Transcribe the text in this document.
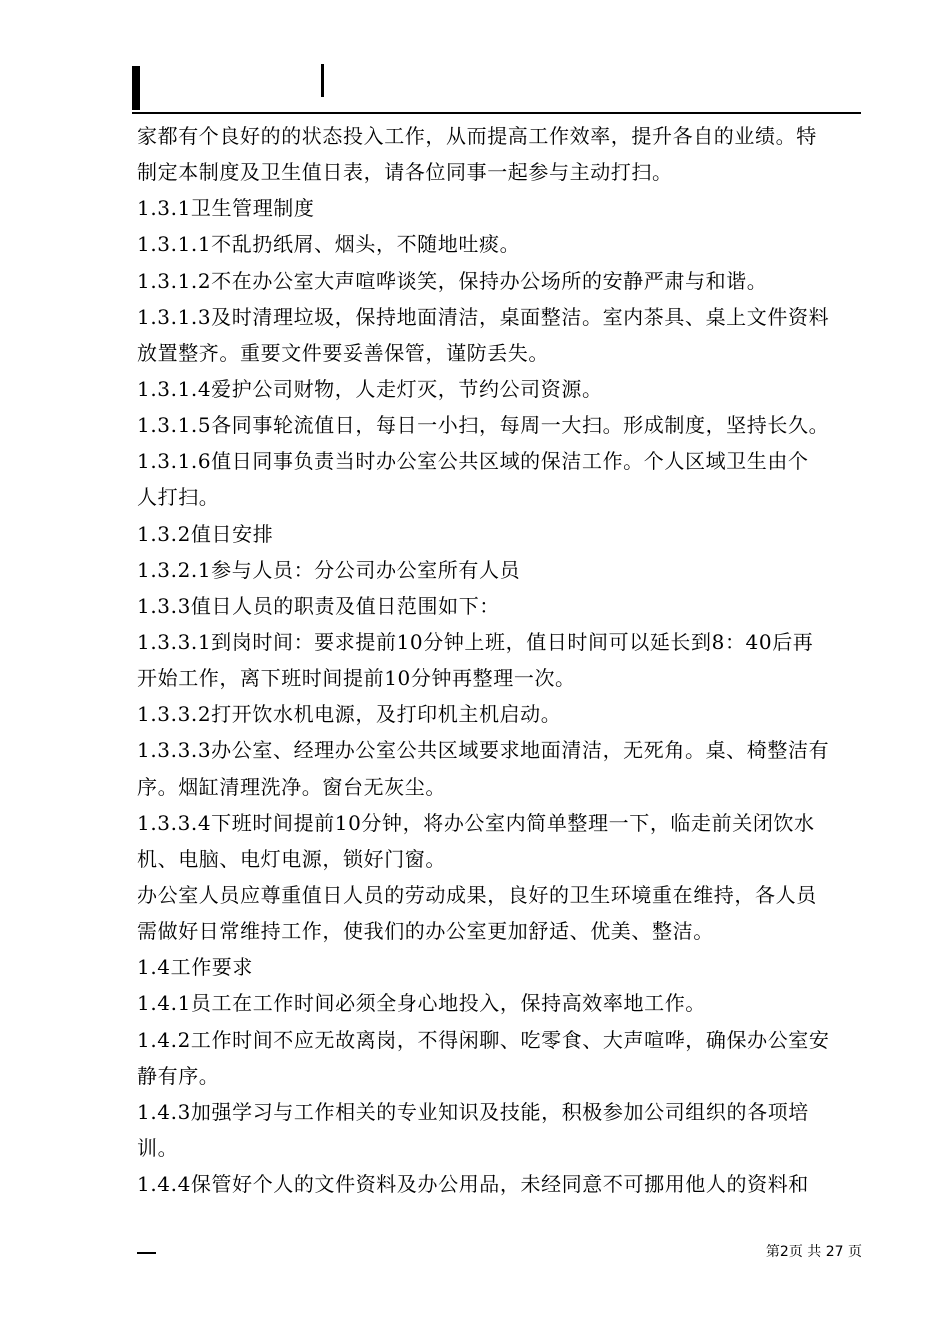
家都有个良好的的状态投入工作，从而提高工作效率，提升各自的业绩。特
制定本制度及卫生值日表，请各位同事一起参与主动打扫。
1.3.1卫生管理制度
1.3.1.1不乱扔纸屑、烟头，不随地吐痰。
1.3.1.2不在办公室大声喧哗谈笑，保持办公场所的安静严肃与和谐。
1.3.1.3及时清理垃圾，保持地面清洁，桌面整洁。室内茶具、桌上文件资料
放置整齐。重要文件要妥善保管，谨防丢失。
1.3.1.4爱护公司财物，人走灯灭，节约公司资源。
1.3.1.5各同事轮流值日，每日一小扫，每周一大扫。形成制度，坚持长久。
1.3.1.6值日同事负责当时办公室公共区域的保洁工作。个人区域卫生由个
人打扫。
1.3.2值日安排
1.3.2.1参与人员：分公司办公室所有人员
1.3.3值日人员的职责及值日范围如下：
1.3.3.1到岗时间：要求提前10分钟上班，值日时间可以延长到8：40后再
开始工作，离下班时间提前10分钟再整理一次。
1.3.3.2打开饮水机电源，及打印机主机启动。
1.3.3.3办公室、经理办公室公共区域要求地面清洁，无死角。桌、椅整洁有
序。烟缸清理洗净。窗台无灰尘。
1.3.3.4下班时间提前10分钟，将办公室内简单整理一下，临走前关闭饮水
机、电脑、电灯电源，锁好门窗。
办公室人员应尊重值日人员的劳动成果，良好的卫生环境重在维持，各人员
需做好日常维持工作，使我们的办公室更加舒适、优美、整洁。
1.4工作要求
1.4.1员工在工作时间必须全身心地投入，保持高效率地工作。
1.4.2工作时间不应无故离岗，不得闲聊、吃零食、大声喧哗，确保办公室安
静有序。
1.4.3加强学习与工作相关的专业知识及技能，积极参加公司组织的各项培
训。
1.4.4保管好个人的文件资料及办公用品，未经同意不可挪用他人的资料和
第2页 共 27 页
